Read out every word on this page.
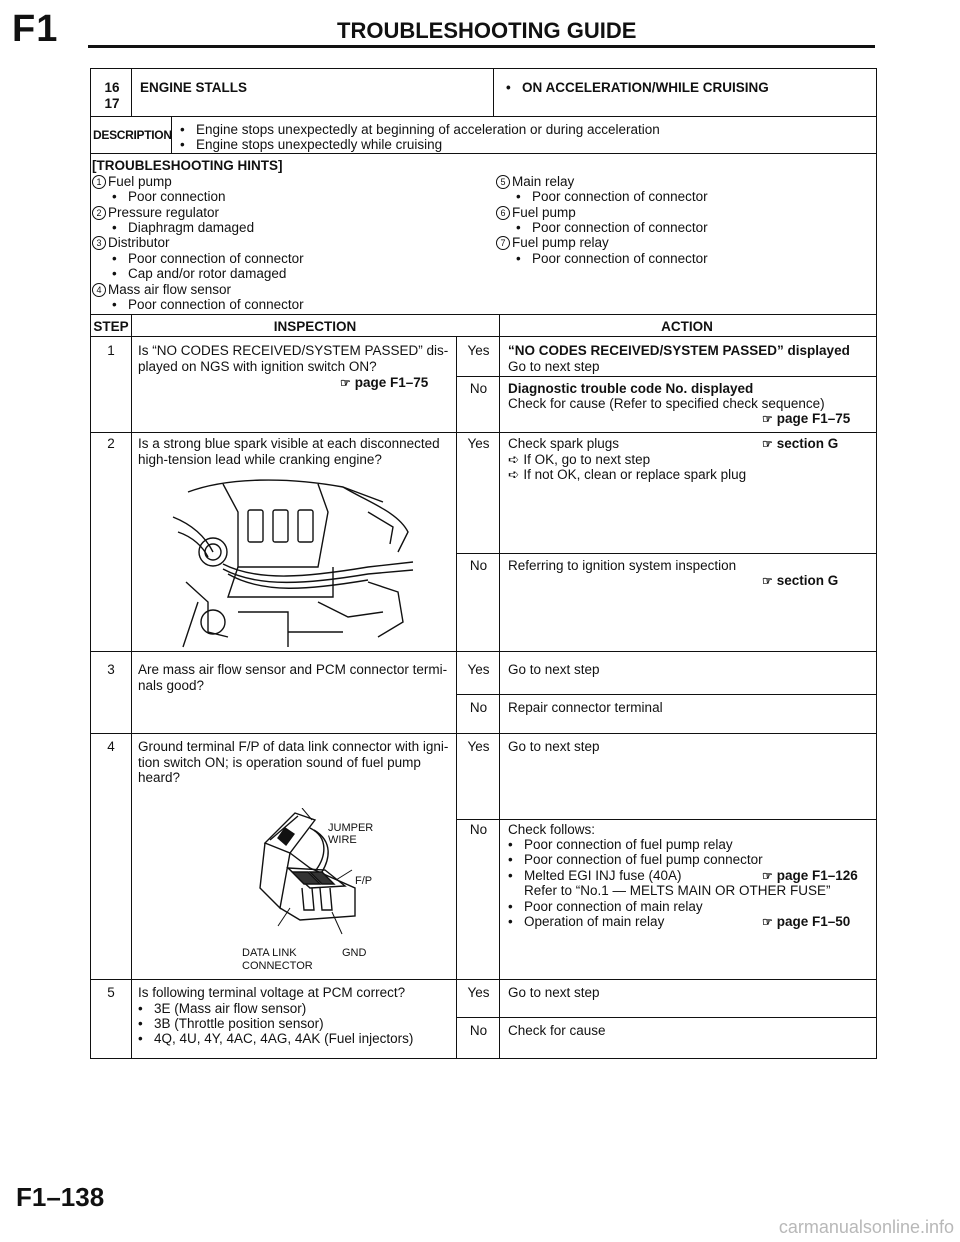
F1	TROUBLESHOOTING GUIDE
16
17
ENGINE STALLS	• ON ACCELERATION/WHILE CRUISING
DESCRIPTION • Engine stops unexpectedly at beginning of acceleration or during acceleration
• Engine stops unexpectedly while cruising
[TROUBLESHOOTING HINTS]
1 Fuel pump
• Poor connection
2 Pressure regulator
• Diaphragm damaged
3 Distributor
• Poor connection of connector
• Cap and/or rotor damaged
4 Mass air flow sensor
• Poor connection of connector
5 Main relay
• Poor connection of connector
6 Fuel pump
• Poor connection of connector
7 Fuel pump relay
• Poor connection of connector
STEP	INSPECTION	ACTION
1	Is “NO CODES RECEIVED/SYSTEM PASSED” dis-
played on NGS with ignition switch ON?
☞ page F1–75
Yes	“NO CODES RECEIVED/SYSTEM PASSED” displayed
Go to next step
No	Diagnostic trouble code No. displayed
Check for cause (Refer to specified check sequence)
☞ page F1–75
2	Is a strong blue spark visible at each disconnected
high-tension lead while cranking engine?
Yes	Check spark plugs	☞ section G
➪ If OK, go to next step
➪ If not OK, clean or replace spark plug
No	Referring to ignition system inspection
☞ section G
3	Are mass air flow sensor and PCM connector termi-
nals good?
Yes	Go to next step
No	Repair connector terminal
4	Ground terminal F/P of data link connector with igni-
tion switch ON; is operation sound of fuel pump
heard?
JUMPER
WIRE
F/P
DATA LINK
CONNECTOR
GND
Yes	Go to next step
No	Check follows:
• Poor connection of fuel pump relay
• Poor connection of fuel pump connector
• Melted EGI INJ fuse (40A)	☞ page F1–126
Refer to “No.1 — MELTS MAIN OR OTHER FUSE”
• Poor connection of main relay
• Operation of main relay	☞ page F1–50
5	Is following terminal voltage at PCM correct?
• 3E (Mass air flow sensor)
• 3B (Throttle position sensor)
• 4Q, 4U, 4Y, 4AC, 4AG, 4AK (Fuel injectors)
Yes	Go to next step
No	Check for cause
F1–138
carmanualsonline.info
